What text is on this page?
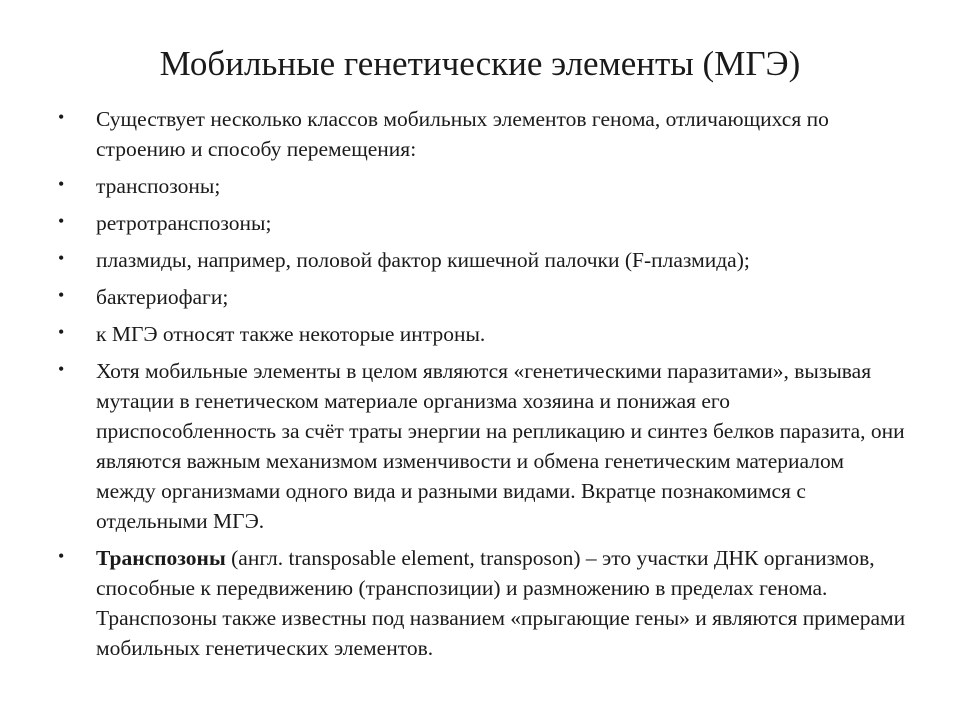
Мобильные генетические элементы (МГЭ)
•	Существует несколько классов мобильных элементов генома, отличающихся по строению и способу перемещения:
•	транспозоны;
•	ретротранспозоны;
•	плазмиды, например, половой фактор кишечной палочки (F-плазмида);
•	бактериофаги;
•	к МГЭ относят также некоторые интроны.
•	Хотя мобильные элементы в целом являются «генетическими паразитами», вызывая мутации в генетическом материале организма хозяина и понижая его приспособленность за счёт траты энергии на репликацию и синтез белков паразита, они являются важным механизмом изменчивости и обмена генетическим материалом между организмами одного вида и разными видами. Вкратце познакомимся с отдельными МГЭ.
•	Транспозоны (англ. transposable element, transposon) – это участки ДНК организмов, способные к передвижению (транспозиции) и размножению в пределах генома. Транспозоны также известны под названием «прыгающие гены» и являются примерами мобильных генетических элементов.
